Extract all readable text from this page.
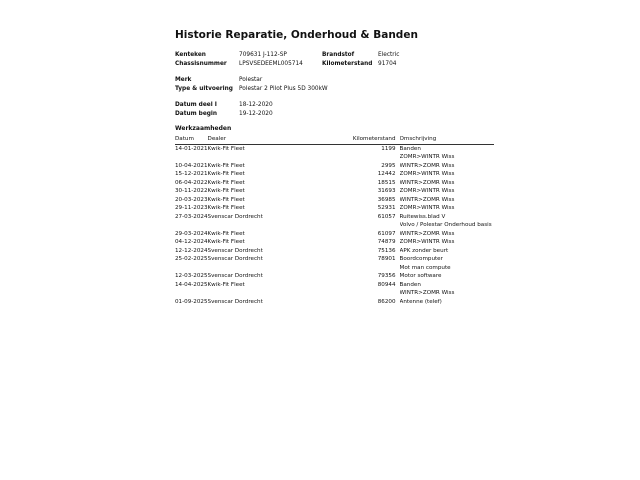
Historie Reparatie, Onderhoud & Banden
Kenteken	709631 J-112-SP
Chassisnummer LPSVSEDEEML005714
Brandstof	Electric
Kilometerstand 91704
Merk	Polestar
Type & uitvoering Polestar 2 Pilot Plus 5D 300kW
Datum deel I	18-12-2020
Datum begin	19-12-2020
Werkzaamheden
Datum	Dealer	Kilometerstand	Omschrijving
14-01-2021	Kwik-Fit Fleet	1199	Banden
			ZOMR>WINTR Wiss
10-04-2021	Kwik-Fit Fleet	2995	WINTR>ZOMR Wiss
15-12-2021	Kwik-Fit Fleet	12442	ZOMR>WINTR Wiss
06-04-2022	Kwik-Fit Fleet	18515	WINTR>ZOMR Wiss
30-11-2022	Kwik-Fit Fleet	31693	ZOMR>WINTR Wiss
20-03-2023	Kwik-Fit Fleet	36985	WINTR>ZOMR Wiss
29-11-2023	Kwik-Fit Fleet	52931	ZOMR>WINTR Wiss
27-03-2024	Svenscar Dordrecht	61057	Ruitewiss.blad V
			Volvo / Polestar Onderhoud basis
29-03-2024	Kwik-Fit Fleet	61097	WINTR>ZOMR Wiss
04-12-2024	Kwik-Fit Fleet	74879	ZOMR>WINTR Wiss
12-12-2024	Svenscar Dordrecht	75136	APK zonder beurt
25-02-2025	Svenscar Dordrecht	78901	Boordcomputer
			Mot man compute
12-03-2025	Svenscar Dordrecht	79356	Motor software
14-04-2025	Kwik-Fit Fleet	80944	Banden
			WINTR>ZOMR Wiss
01-09-2025	Svenscar Dordrecht	86200	Antenne (telef)
